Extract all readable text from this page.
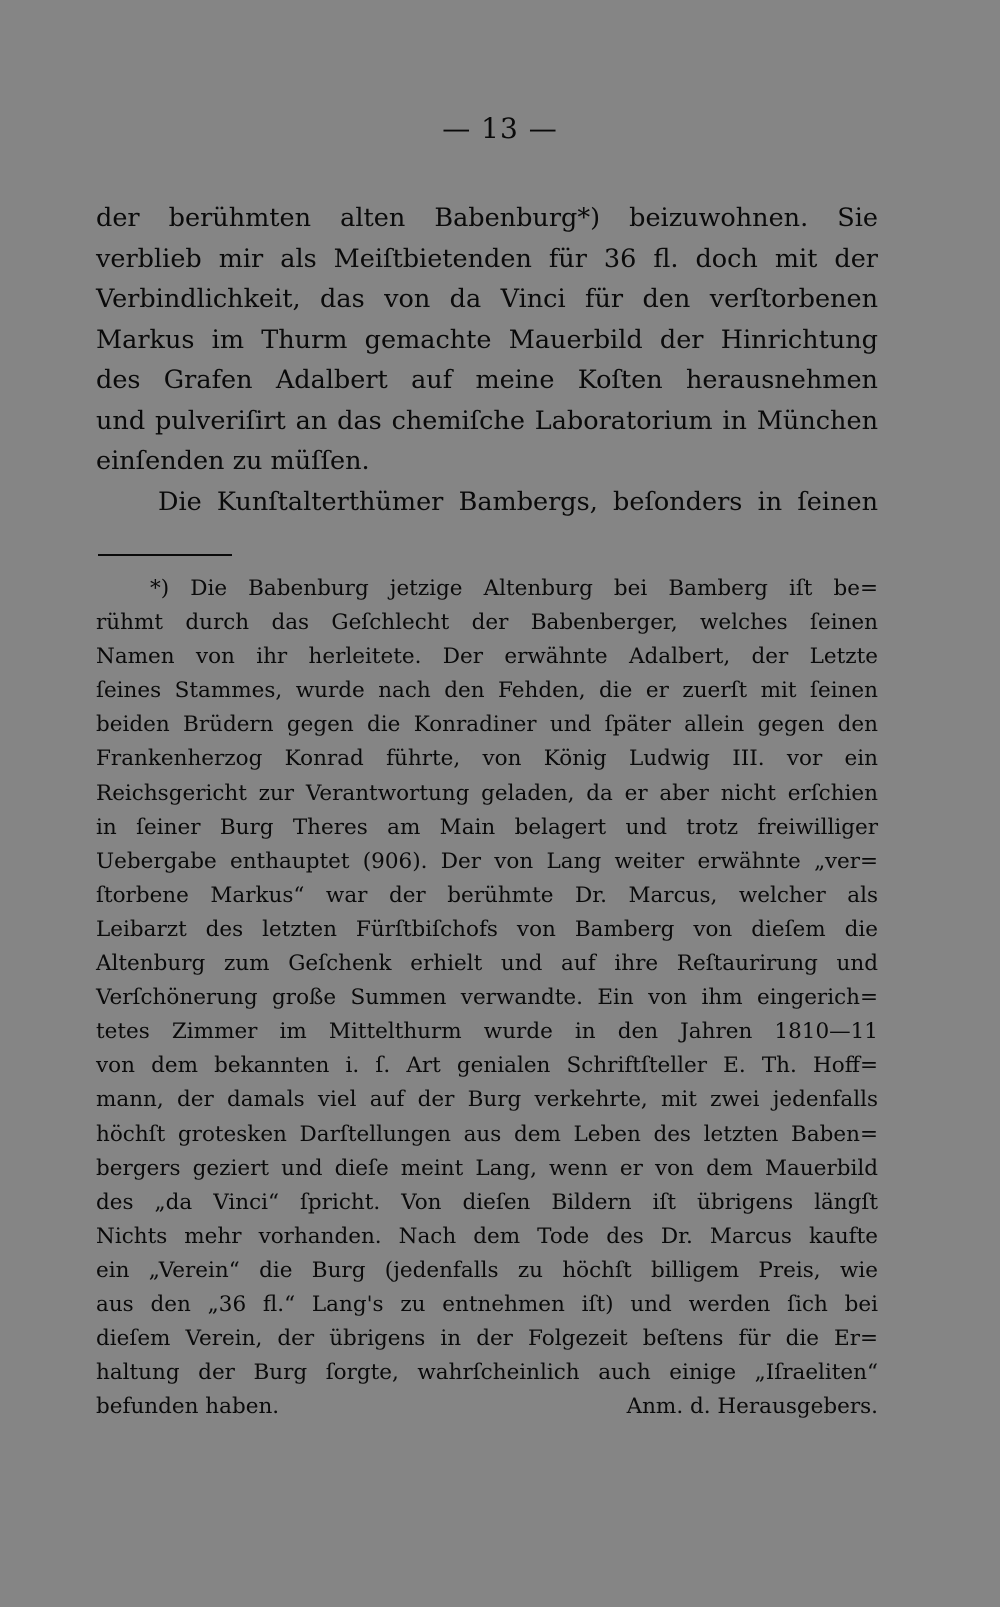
— 13 —
der berühmten alten Babenburg*) beizuwohnen. Sie
verblieb mir als Meiſtbietenden für 36 fl. doch mit der
Verbindlichkeit, das von da Vinci für den verſtorbenen
Markus im Thurm gemachte Mauerbild der Hinrichtung
des Grafen Adalbert auf meine Koſten herausnehmen
und pulveriſirt an das chemiſche Laboratorium in München
einſenden zu müſſen.
Die Kunſtalterthümer Bambergs, beſonders in ſeinen
*) Die Babenburg jetzige Altenburg bei Bamberg iſt be=
rühmt durch das Geſchlecht der Babenberger, welches ſeinen
Namen von ihr herleitete. Der erwähnte Adalbert, der Letzte
ſeines Stammes, wurde nach den Fehden, die er zuerſt mit ſeinen
beiden Brüdern gegen die Konradiner und ſpäter allein gegen den
Frankenherzog Konrad führte, von König Ludwig III. vor ein
Reichsgericht zur Verantwortung geladen, da er aber nicht erſchien
in ſeiner Burg Theres am Main belagert und trotz freiwilliger
Uebergabe enthauptet (906). Der von Lang weiter erwähnte „ver=
ſtorbene Markus“ war der berühmte Dr. Marcus, welcher als
Leibarzt des letzten Fürſtbiſchofs von Bamberg von dieſem die
Altenburg zum Geſchenk erhielt und auf ihre Reſtaurirung und
Verſchönerung große Summen verwandte. Ein von ihm eingerich=
tetes Zimmer im Mittelthurm wurde in den Jahren 1810—11
von dem bekannten i. ſ. Art genialen Schriftſteller E. Th. Hoff=
mann, der damals viel auf der Burg verkehrte, mit zwei jedenfalls
höchſt grotesken Darſtellungen aus dem Leben des letzten Baben=
bergers geziert und dieſe meint Lang, wenn er von dem Mauerbild
des „da Vinci“ ſpricht. Von dieſen Bildern iſt übrigens längſt
Nichts mehr vorhanden. Nach dem Tode des Dr. Marcus kaufte
ein „Verein“ die Burg (jedenfalls zu höchſt billigem Preis, wie
aus den „36 fl.“ Lang's zu entnehmen iſt) und werden ſich bei
dieſem Verein, der übrigens in der Folgezeit beſtens für die Er=
haltung der Burg ſorgte, wahrſcheinlich auch einige „Iſraeliten“
befunden haben.	Anm. d. Herausgebers.
